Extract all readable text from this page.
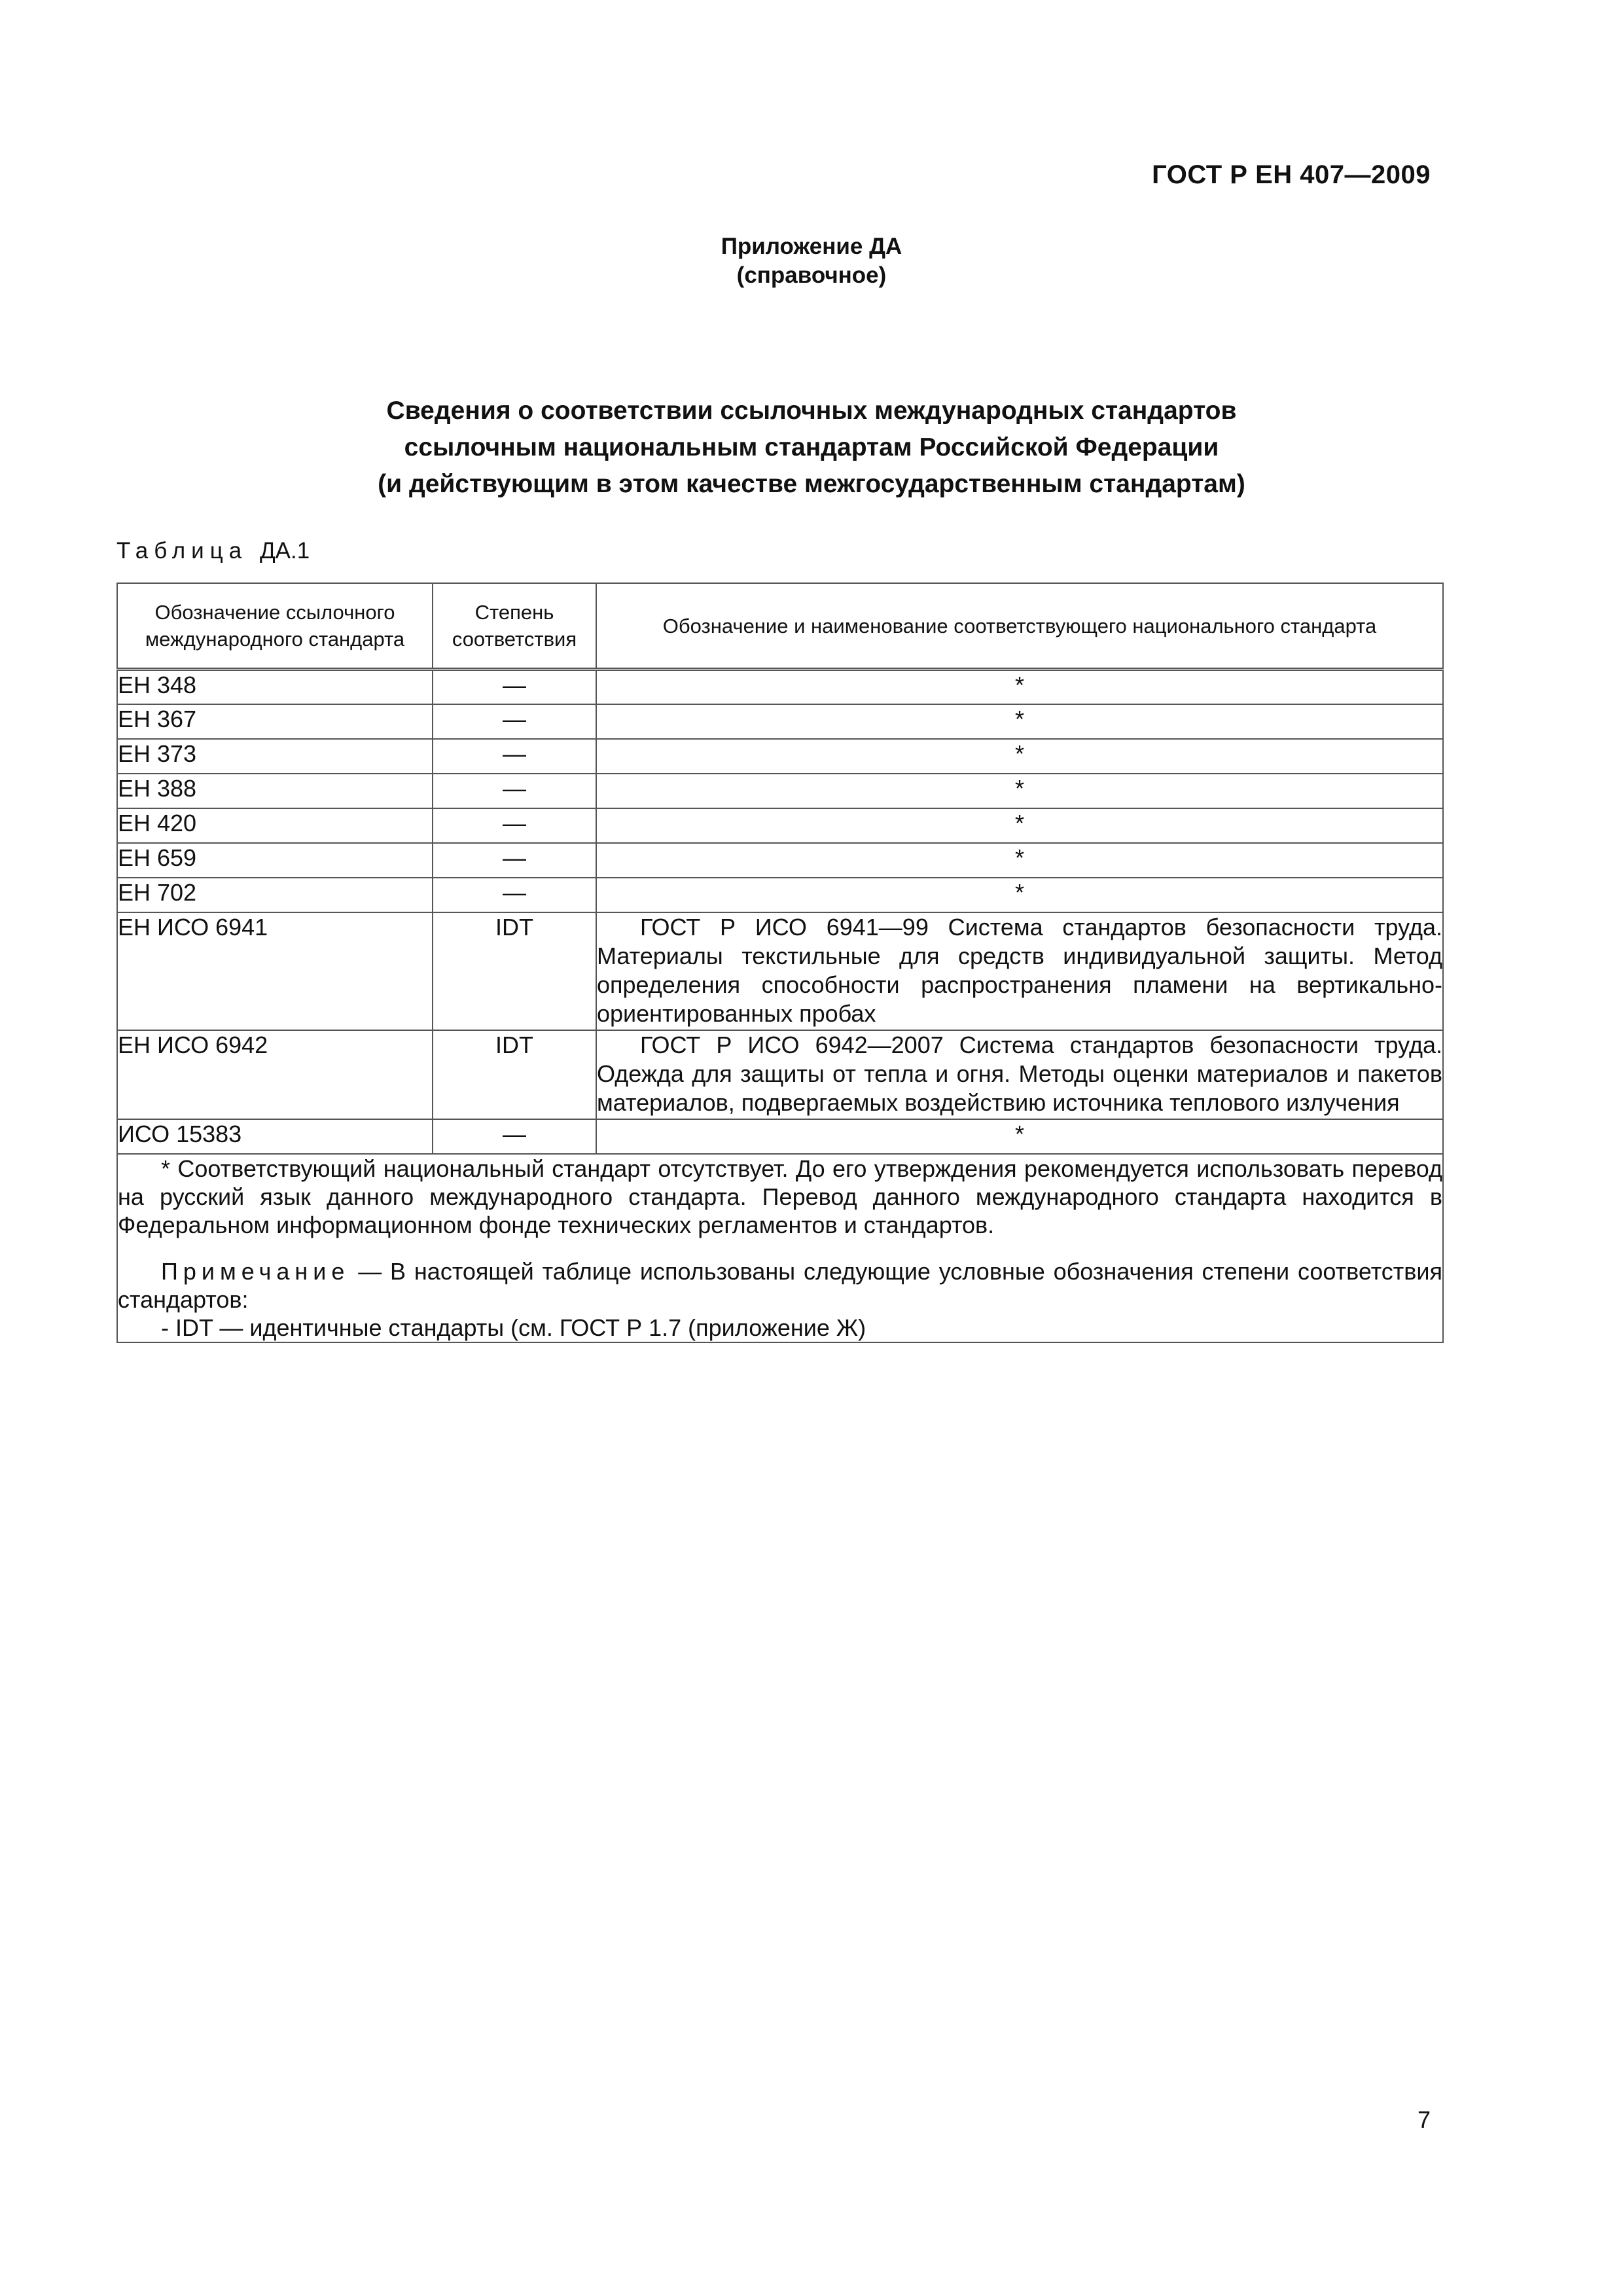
ГОСТ Р ЕН 407—2009
Приложение ДА
(справочное)
Сведения о соответствии ссылочных международных стандартов
ссылочным национальным стандартам Российской Федерации
(и действующим в этом качестве межгосударственным стандартам)
Таблица ДА.1
Обозначение ссылочного международного стандарта	Степень соответствия	Обозначение и наименование соответствующего национального стандарта
ЕН 348	—	*
ЕН 367	—	*
ЕН 373	—	*
ЕН 388	—	*
ЕН 420	—	*
ЕН 659	—	*
ЕН 702	—	*
ЕН ИСО 6941	IDT	ГОСТ Р ИСО 6941—99 Система стандартов безопасности труда. Материалы текстильные для средств индивидуальной защиты. Метод определения способности распространения пламени на вертикально-ориентированных пробах
ЕН ИСО 6942	IDT	ГОСТ Р ИСО 6942—2007 Система стандартов безопасности труда. Одежда для защиты от тепла и огня. Методы оценки материалов и пакетов материалов, подвергаемых воздействию источника теплового излучения
ИСО 15383	—	*

* Соответствующий национальный стандарт отсутствует. До его утверждения рекомендуется использовать перевод на русский язык данного международного стандарта. Перевод данного международного стандарта находится в Федеральном информационном фонде технических регламентов и стандартов.

Примечание — В настоящей таблице использованы следующие условные обозначения степени соответствия стандартов:

- IDT — идентичные стандарты (см. ГОСТ Р 1.7 (приложение Ж)		

7
